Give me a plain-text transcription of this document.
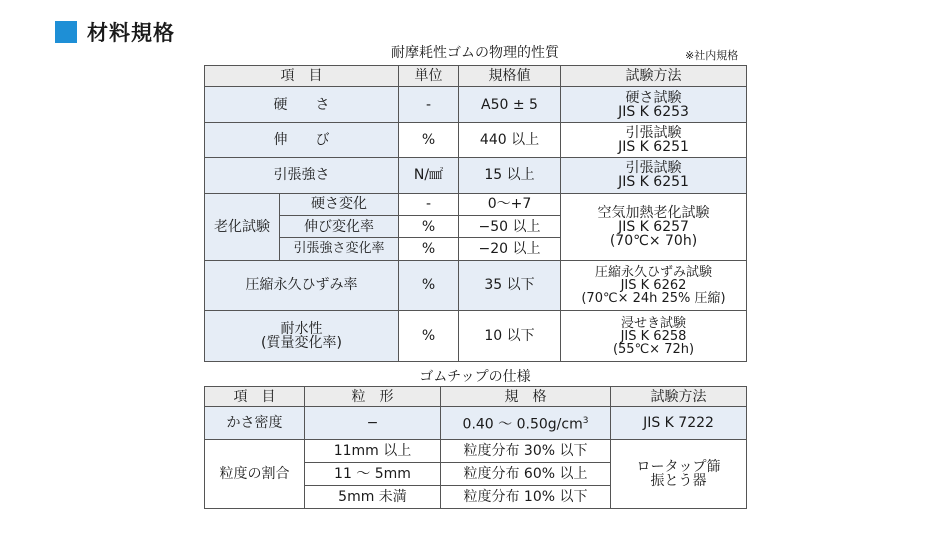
材料規格
耐摩耗性ゴムの物理的性質	※社内規格
項　目		単位	規格値	試験方法
硬　　さ		-	A50 ± 5	硬さ試験
JIS K 6253

伸　　び		%	440 以上	引張試験
JIS K 6251

引張強さ		N/㎟	15 以上	引張試験
JIS K 6251

老化試験	硬さ変化	-	0～+7	空気加熱老化試験
JIS K 6257
(70℃× 70h)

	伸び変化率	%	−50 以上	
	引張強さ変化率	%	−20 以上	
圧縮永久ひずみ率		%	35 以下	圧縮永久ひずみ試験
JIS K 6262
(70℃× 24h 25% 圧縮)

耐水性
(質量変化率)		%	10 以下	浸せき試験
JIS K 6258
(55℃× 72h)
ゴムチップの仕様
項　目	粒　形	規　格	試験方法
かさ密度	−	0.40 ～ $0.50g/cm^3$	JIS K 7222
粒度の割合	11mm 以上	粒度分布 30% 以下	ロータップ篩
振とう器

	11 ～ 5mm	粒度分布 60% 以上	
	5mm 未満	粒度分布 10% 以下	
